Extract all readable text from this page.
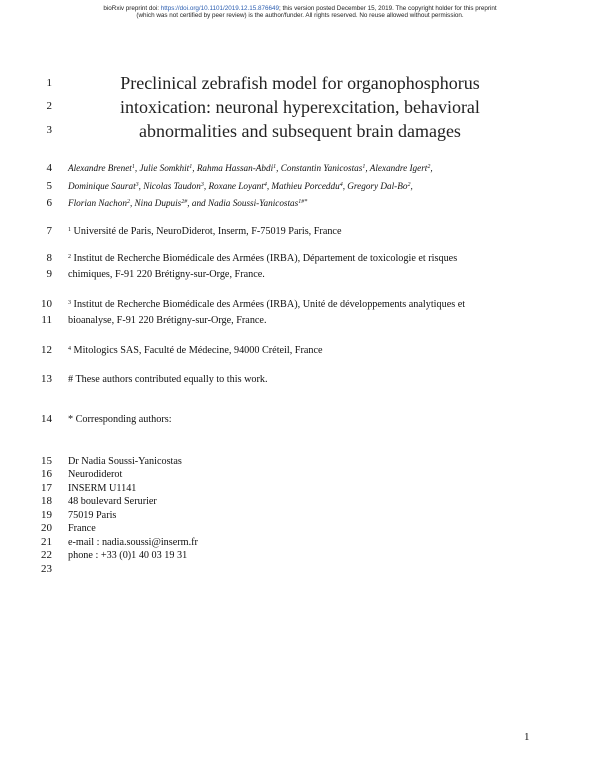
bioRxiv preprint doi: https://doi.org/10.1101/2019.12.15.876649; this version posted December 15, 2019. The copyright holder for this preprint
(which was not certified by peer review) is the author/funder. All rights reserved. No reuse allowed without permission.
1
2
3
4
5
6
7
8
9
10
11
12
13
14
15
16
17
18
19
20
21
22
23
Preclinical zebrafish model for organophosphorus
intoxication: neuronal hyperexcitation, behavioral
abnormalities and subsequent brain damages
Alexandre Brenet$^1$, Julie Somkhit$^1$, Rahma Hassan-Abdi$^1$, Constantin Yanicostas$^1$, Alexandre Igert$^2$,
Dominique Saurat$^3$, Nicolas Taudon$^3$, Roxane Loyant$^4$, Mathieu Porceddu$^4$, Gregory Dal-Bo$^2$,
Florian Nachon$^2$, Nina Dupuis$^{2\#}$, and Nadia Soussi-Yanicostas$^{1\#*}$
$^1$ Université de Paris, NeuroDiderot, Inserm, F-75019 Paris, France
$^2$ Institut de Recherche Biomédicale des Armées (IRBA), Département de toxicologie et risques
chimiques, F-91 220 Brétigny-sur-Orge, France.
$^3$ Institut de Recherche Biomédicale des Armées (IRBA), Unité de développements analytiques et
bioanalyse, F-91 220 Brétigny-sur-Orge, France.
$^4$ Mitologics SAS, Faculté de Médecine, 94000 Créteil, France
# These authors contributed equally to this work.
* Corresponding authors:
Dr Nadia Soussi-Yanicostas
Neurodiderot
INSERM U1141
48 boulevard Serurier
75019 Paris
France
e-mail : nadia.soussi@inserm.fr
phone : +33 (0)1 40 03 19 31
1
